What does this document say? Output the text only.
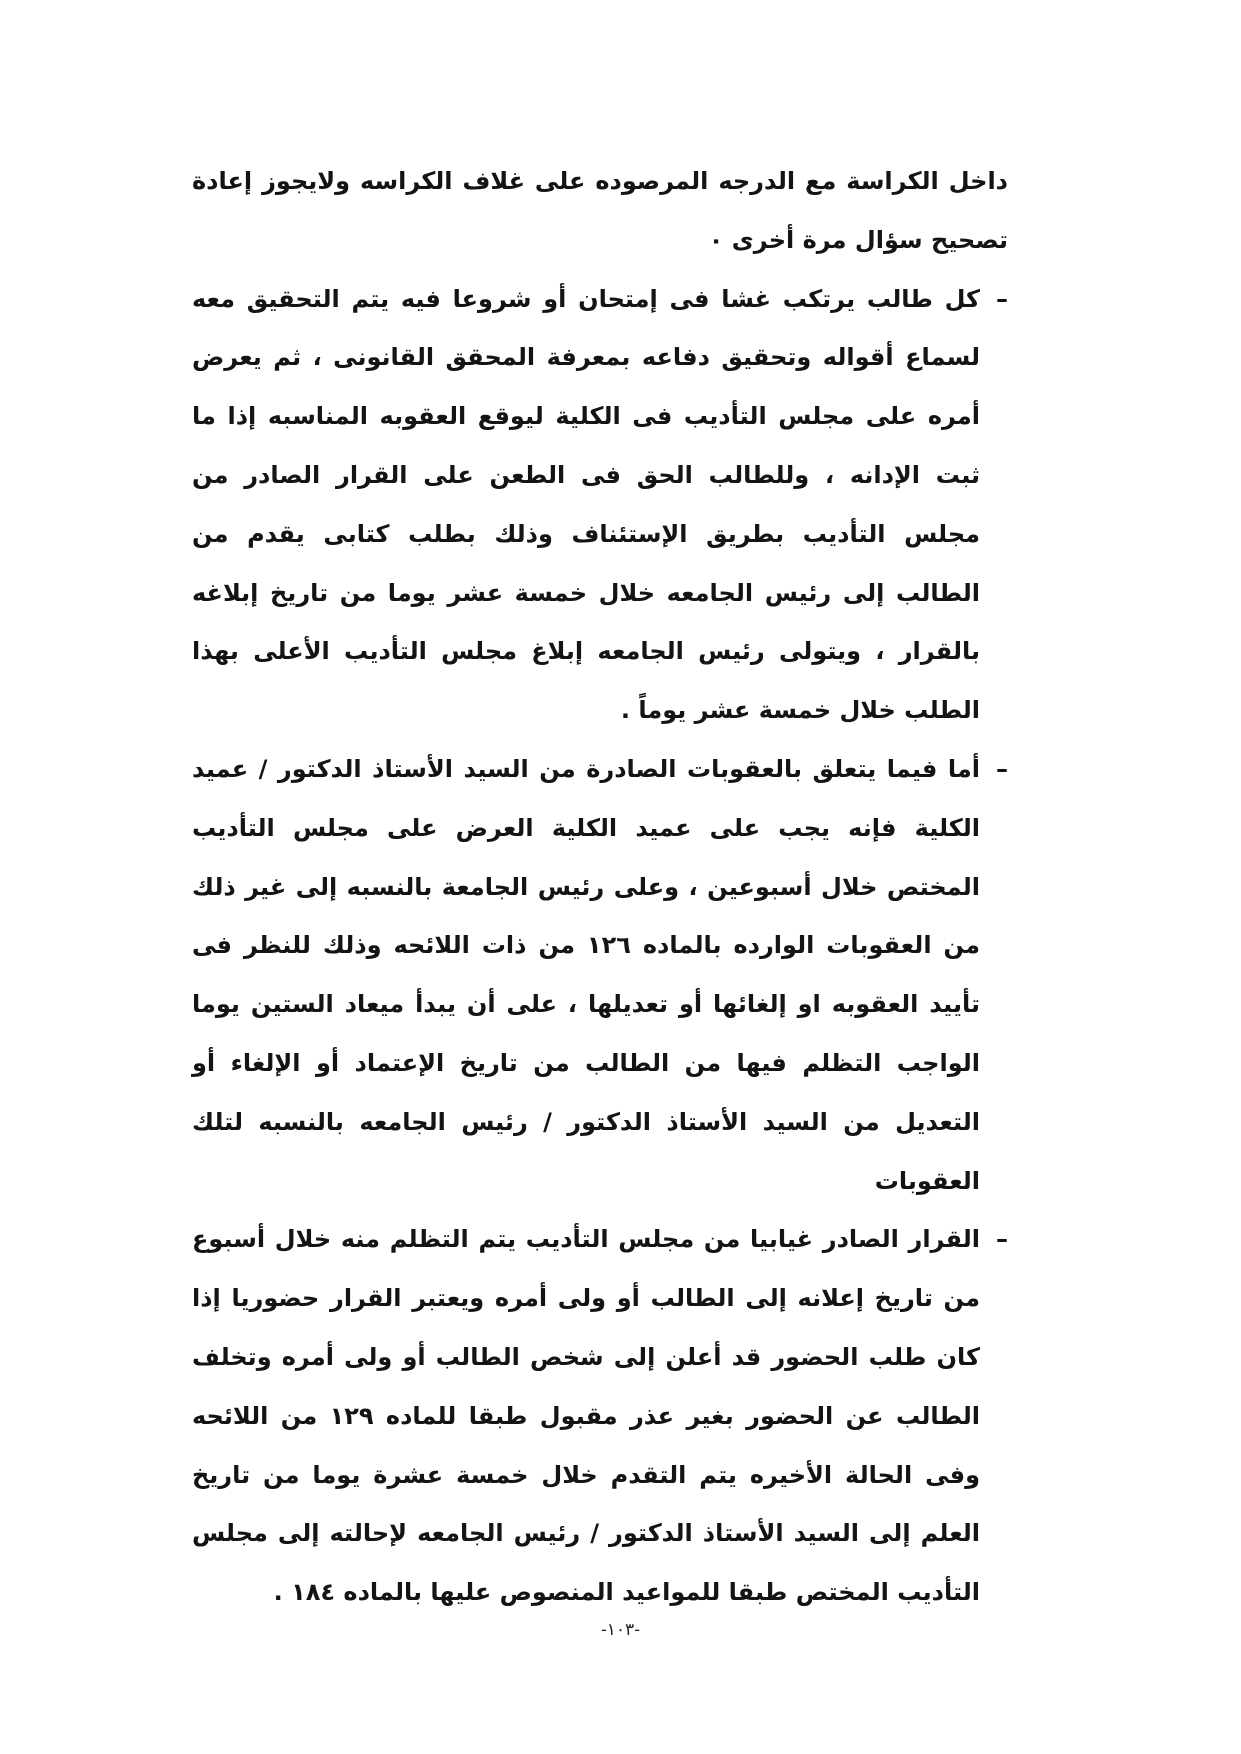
داخل الكراسة مع الدرجه المرصوده على غلاف الكراسه ولايجوز إعادة تصحيح سؤال مرة أخرى ٠

–
كل طالب يرتكب غشا فى إمتحان أو شروعا فيه يتم التحقيق معه لسماع أقواله وتحقيق دفاعه بمعرفة المحقق القانونى ، ثم يعرض أمره على مجلس التأديب فى الكلية ليوقع العقوبه المناسبه إذا ما ثبت الإدانه ، وللطالب الحق فى الطعن على القرار الصادر من مجلس التأديب بطريق الإستئناف وذلك بطلب كتابى يقدم من الطالب إلى رئيس الجامعه خلال خمسة عشر يوما من تاريخ إبلاغه بالقرار ، ويتولى رئيس الجامعه إبلاغ مجلس التأديب الأعلى بهذا الطلب خلال خمسة عشر يوماً .

–
أما فيما يتعلق بالعقوبات الصادرة من السيد الأستاذ الدكتور / عميد الكلية فإنه يجب على عميد الكلية العرض على مجلس التأديب المختص خلال أسبوعين ، وعلى رئيس الجامعة بالنسبه إلى غير ذلك من العقوبات الوارده بالماده ١٢٦ من ذات اللائحه وذلك للنظر فى تأييد العقوبه او إلغائها أو تعديلها ، على أن يبدأ ميعاد الستين يوما الواجب التظلم فيها من الطالب من تاريخ الإعتماد أو الإلغاء أو التعديل من السيد الأستاذ الدكتور / رئيس الجامعه بالنسبه لتلك العقوبات

–
القرار الصادر غيابيا من مجلس التأديب يتم التظلم منه خلال أسبوع من تاريخ إعلانه إلى الطالب أو ولى أمره ويعتبر القرار حضوريا إذا كان طلب الحضور قد أعلن إلى شخص الطالب أو ولى أمره وتخلف الطالب عن الحضور بغير عذر مقبول طبقا للماده ١٢٩ من اللائحه وفى الحالة الأخيره يتم التقدم خلال خمسة عشرة يوما من تاريخ العلم إلى السيد الأستاذ الدكتور / رئيس الجامعه لإحالته إلى مجلس التأديب المختص طبقا للمواعيد المنصوص عليها بالماده ١٨٤ .

-١٠٣-
